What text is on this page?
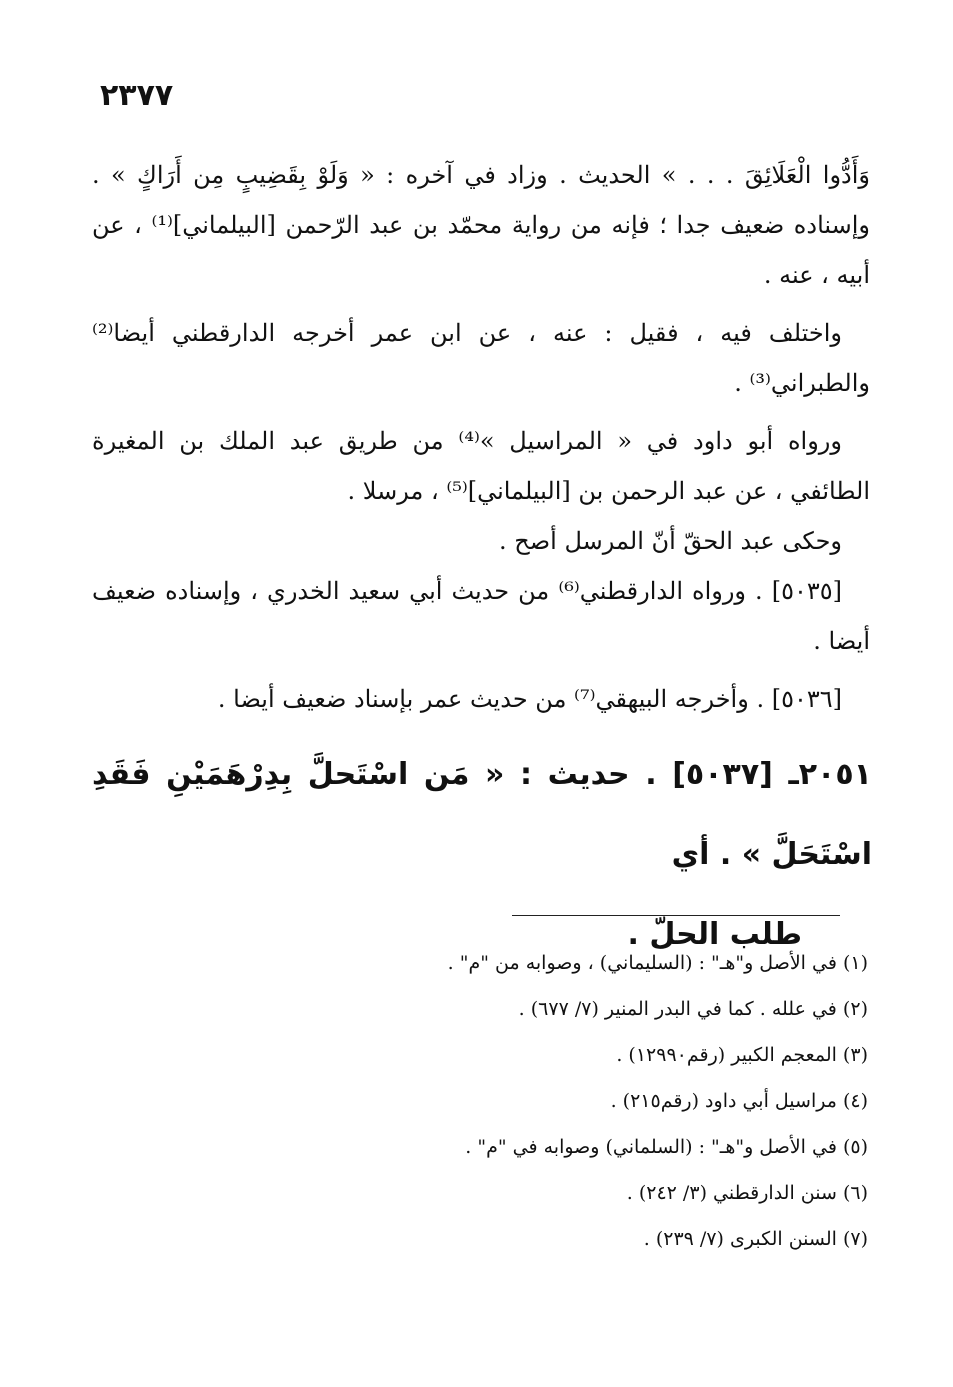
٢٣٧٧

وَأَدُّوا الْعَلَائِقَ . . . » الحديث . وزاد في آخره : « وَلَوْ بِقَضِيبٍ مِن أَرَاكٍ » . وإسناده ضعيف جدا ؛ فإنه من رواية محمّد بن عبد الرّحمن [البيلماني]⁽¹⁾ ، عن أبيه ، عنه .

واختلف فيه ، فقيل : عنه ، عن ابن عمر أخرجه الدارقطني أيضا⁽²⁾ والطبراني⁽³⁾ .

ورواه أبو داود في « المراسيل »⁽⁴⁾ من طريق عبد الملك بن المغيرة الطائفي ، عن عبد الرحمن بن [البيلماني]⁽⁵⁾ ، مرسلا .

وحكى عبد الحقّ أنّ المرسل أصح .

[٥٠٣٥] . ورواه الدارقطني⁽⁶⁾ من حديث أبي سعيد الخدري ، وإسناده ضعيف أيضا .

[٥٠٣٦] . وأخرجه البيهقي⁽⁷⁾ من حديث عمر بإسناد ضعيف أيضا .

٢٠٥١ـ [٥٠٣٧] . حديث : « مَن اسْتَحلَّ بِدِرْهَمَيْنِ فَقَدِ اسْتَحَلَّ » . أي
طلب الحلّ .
(١) في الأصل و"هـ" : (السليماني) ، وصوابه من "م" .
(٢) في علله . كما في البدر المنير (٧/ ٦٧٧) .
(٣) المعجم الكبير (رقم١٢٩٩٠) .
(٤) مراسيل أبي داود (رقم٢١٥) .
(٥) في الأصل و"هـ" : (السلماني) وصوابه في "م" .
(٦) سنن الدارقطني (٣/ ٢٤٢) .
(٧) السنن الكبرى (٧/ ٢٣٩) .
